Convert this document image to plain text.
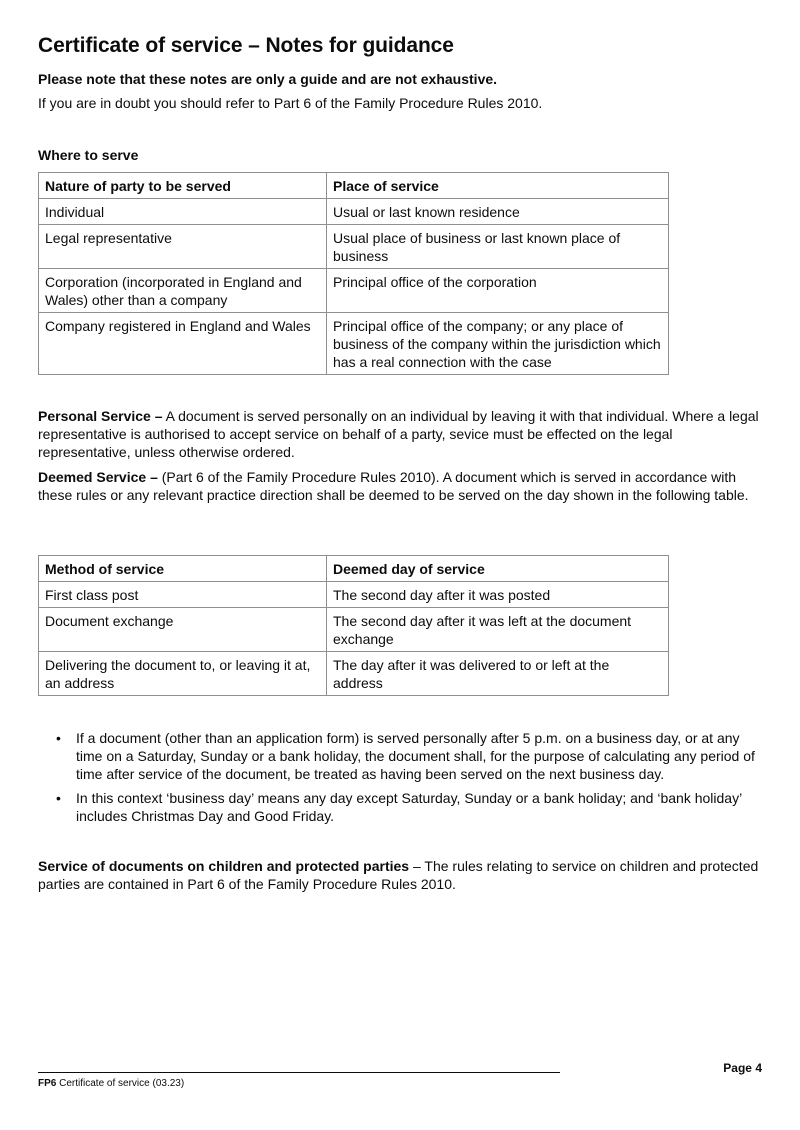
Certificate of service – Notes for guidance

Please note that these notes are only a guide and are not exhaustive.

If you are in doubt you should refer to Part 6 of the Family Procedure Rules 2010.

Where to serve

Nature of party to be served	Place of service
Individual	Usual or last known residence
Legal representative	Usual place of business or last known place of business
Corporation (incorporated in England and Wales) other than a company	Principal office of the corporation
Company registered in England and Wales	Principal office of the company; or any place of business of the company within the jurisdiction which has a real connection with the case

Personal Service – A document is served personally on an individual by leaving it with that individual. Where a legal representative is authorised to accept service on behalf of a party, sevice must be effected on the legal representative, unless otherwise ordered.

Deemed Service – (Part 6 of the Family Procedure Rules 2010). A document which is served in accordance with these rules or any relevant practice direction shall be deemed to be served on the day shown in the following table.

Method of service	Deemed day of service
First class post	The second day after it was posted
Document exchange	The second day after it was left at the document exchange
Delivering the document to, or leaving it at, an address	The day after it was delivered to or left at the address
• If a document (other than an application form) is served personally after 5 p.m. on a business day, or at any time on a Saturday, Sunday or a bank holiday, the document shall, for the purpose of calculating any period of time after service of the document, be treated as having been served on the next business day.
• In this context ‘business day’ means any day except Saturday, Sunday or a bank holiday; and ‘bank holiday’ includes Christmas Day and Good Friday.

Service of documents on children and protected parties – The rules relating to service on children and protected parties are contained in Part 6 of the Family Procedure Rules 2010.

Page 4
FP6 Certificate of service (03.23)
